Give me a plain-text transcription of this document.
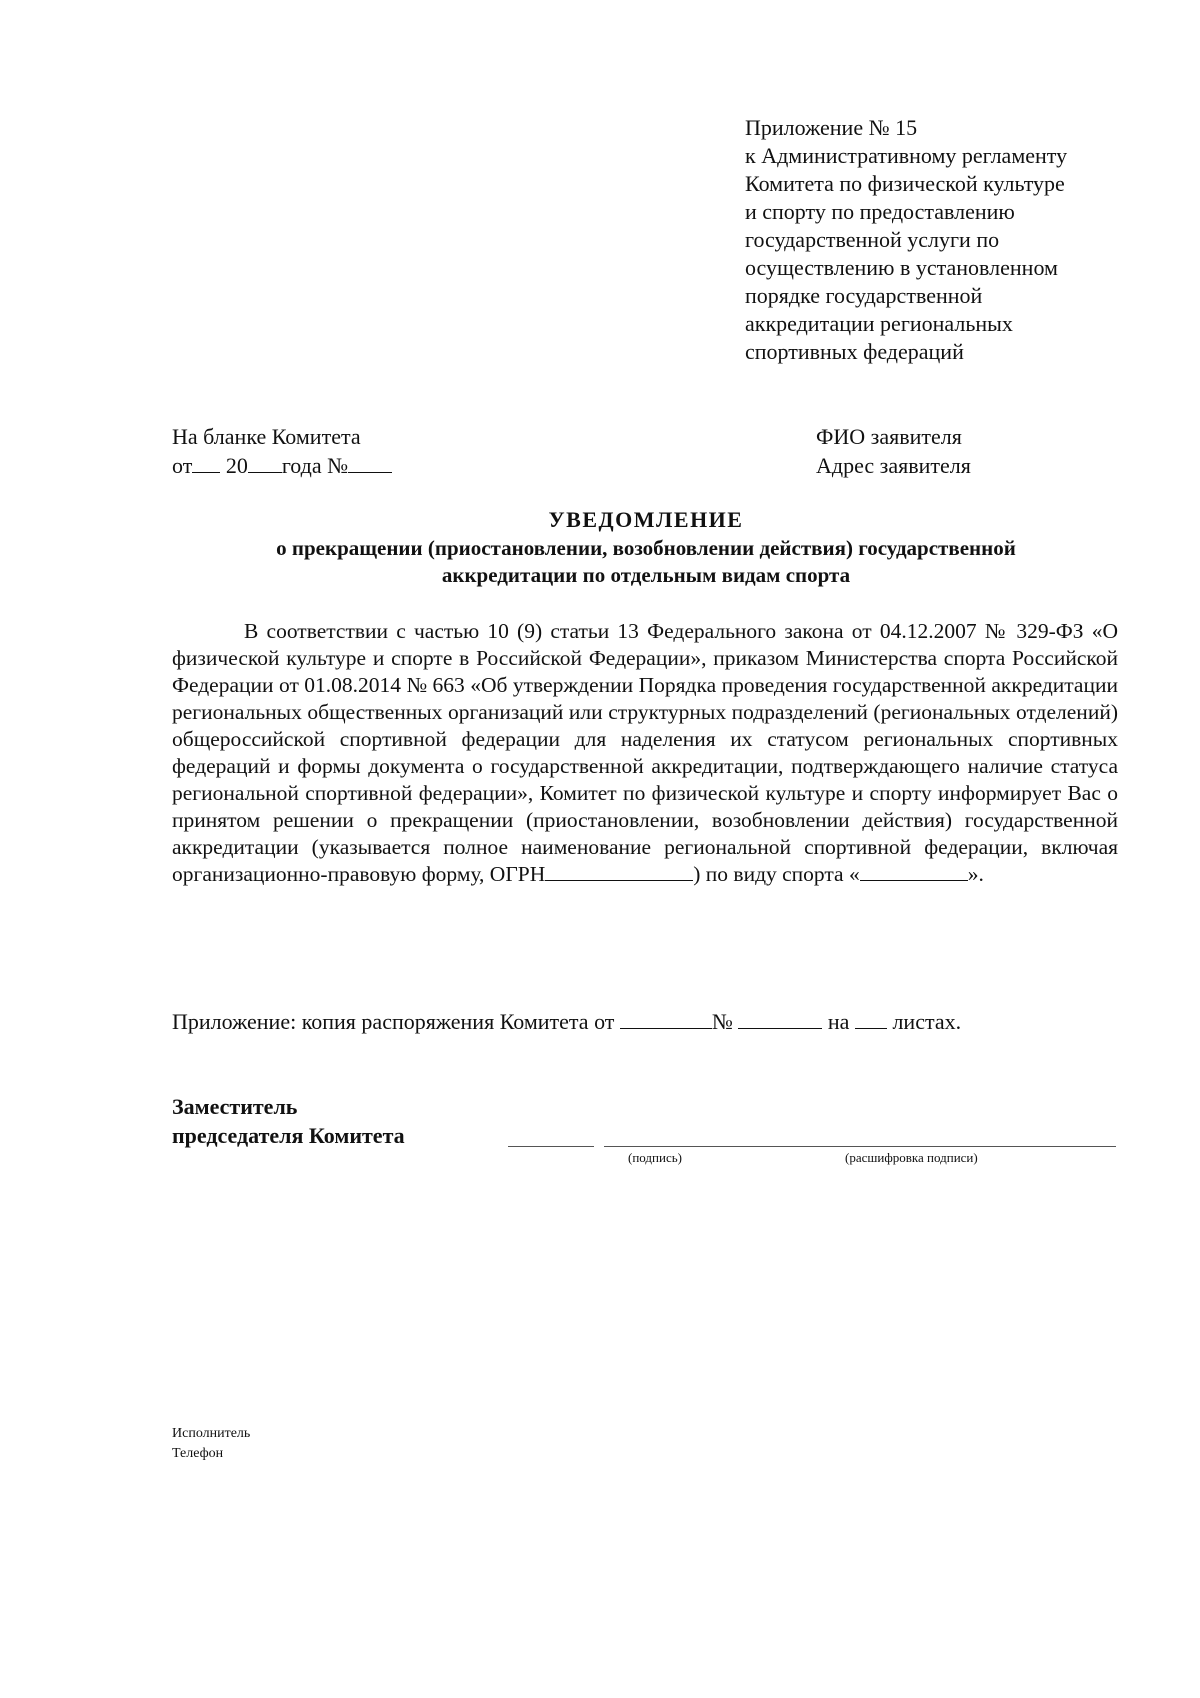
Приложение № 15
к Административному регламенту
Комитета по физической культуре
и спорту по предоставлению
государственной услуги по
осуществлению в установленном
порядке государственной
аккредитации региональных
спортивных федераций
На бланке Комитета
от 20 года №
ФИО заявителя
Адрес заявителя
УВЕДОМЛЕНИЕ
о прекращении (приостановлении, возобновлении действия) государственной
аккредитации по отдельным видам спорта

В соответствии с частью 10 (9) статьи 13 Федерального закона от 04.12.2007 № 329-ФЗ «О физической культуре и спорте в Российской Федерации», приказом Министерства спорта Российской Федерации от 01.08.2014 № 663 «Об утверждении Порядка проведения государственной аккредитации региональных общественных организаций или структурных подразделений (региональных отделений) общероссийской спортивной федерации для наделения их статусом региональных спортивных федераций и формы документа о государственной аккредитации, подтверждающего наличие статуса региональной спортивной федерации», Комитет по физической культуре и спорту информирует Вас о принятом решении о прекращении (приостановлении, возобновлении действия) государственной аккредитации (указывается полное наименование региональной спортивной федерации, включая организационно-правовую форму, ОГРН	) по виду спорта «	».

Приложение: копия распоряжения Комитета от	№	на листах.
Заместитель
председателя Комитета
(подпись)	(расшифровка подписи)
Исполнитель
Телефон
